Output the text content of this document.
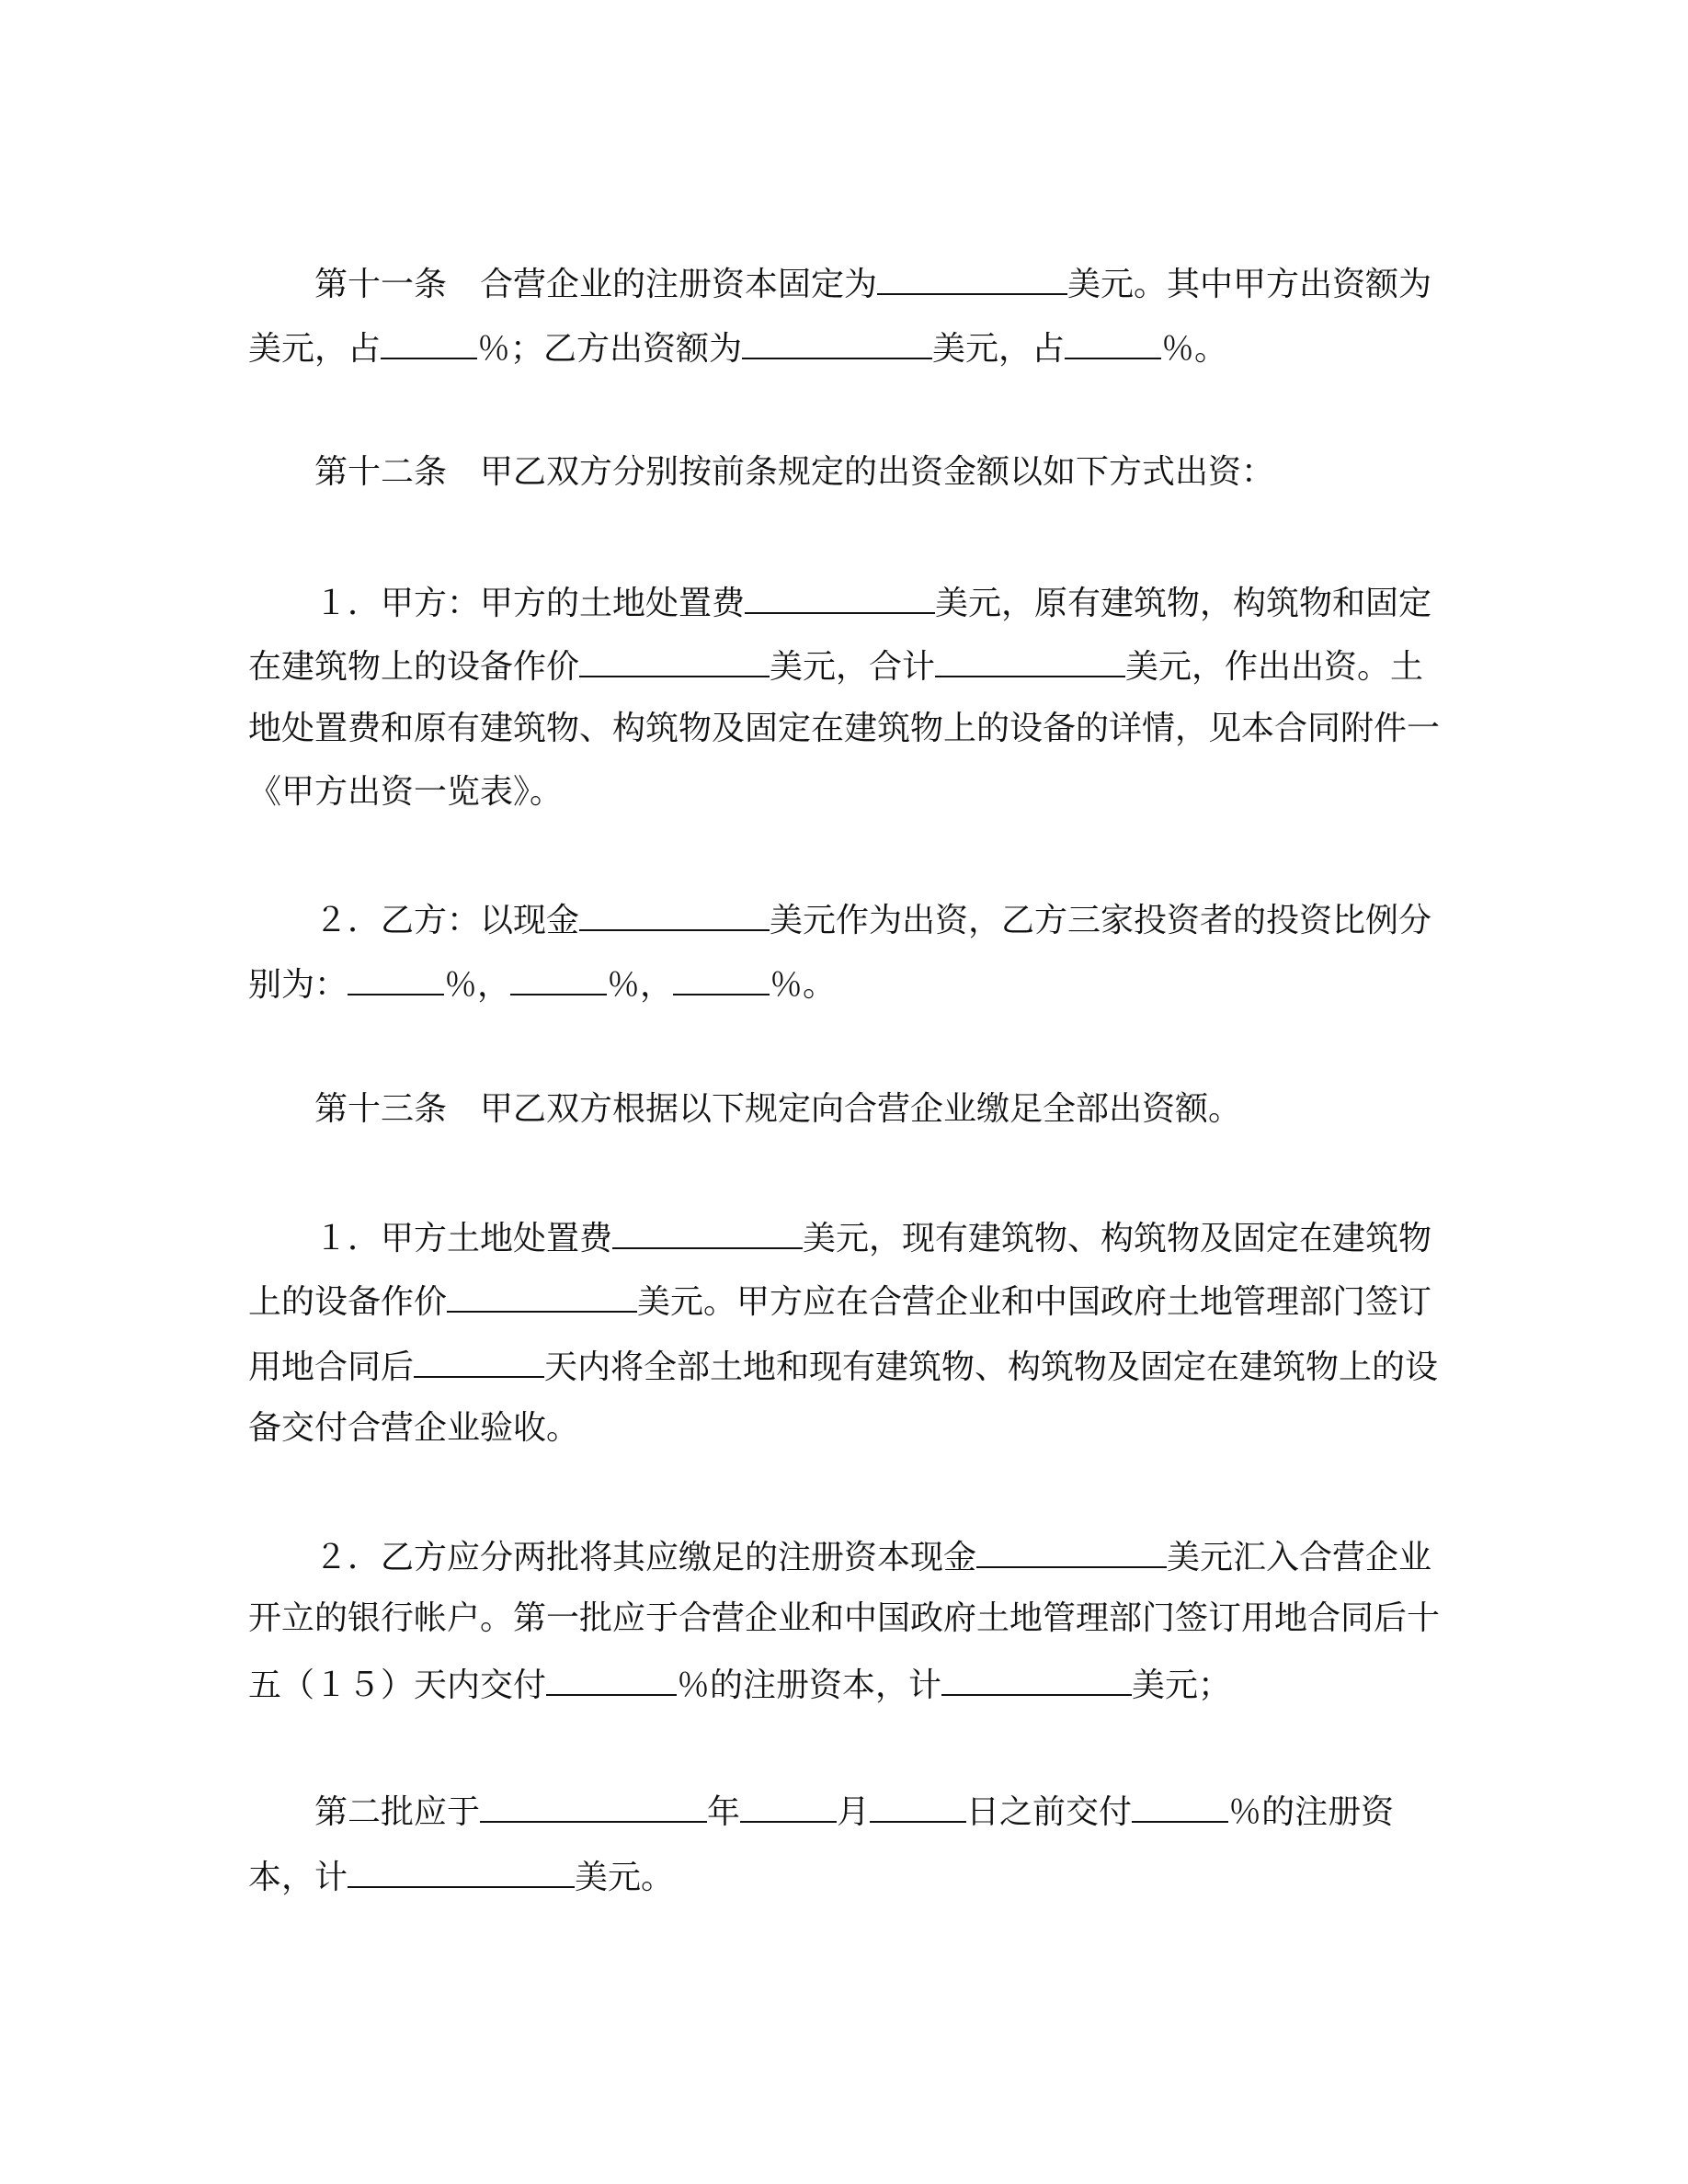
　　第十一条　合营企业的注册资本固定为	美元。其中甲方出资额为
美元，占	％；乙方出资额为	美元，占	％。
　　第十二条　甲乙双方分别按前条规定的出资金额以如下方式出资：
　　１．甲方：甲方的土地处置费	美元，原有建筑物，构筑物和固定
在建筑物上的设备作价	美元，合计	美元，作出出资。土
地处置费和原有建筑物、构筑物及固定在建筑物上的设备的详情，见本合同附件一
《甲方出资一览表》。
　　２．乙方：以现金	美元作为出资，乙方三家投资者的投资比例分
别为：	％，	％，	％。
　　第十三条　甲乙双方根据以下规定向合营企业缴足全部出资额。
　　１．甲方土地处置费	美元，现有建筑物、构筑物及固定在建筑物
上的设备作价	美元。甲方应在合营企业和中国政府土地管理部门签订
用地合同后	天内将全部土地和现有建筑物、构筑物及固定在建筑物上的设
备交付合营企业验收。
　　２．乙方应分两批将其应缴足的注册资本现金	美元汇入合营企业
开立的银行帐户。第一批应于合营企业和中国政府土地管理部门签订用地合同后十
五（１５）天内交付	％的注册资本，计	美元；
　　第二批应于	年	月	日之前交付	％的注册资
本，计	美元。
